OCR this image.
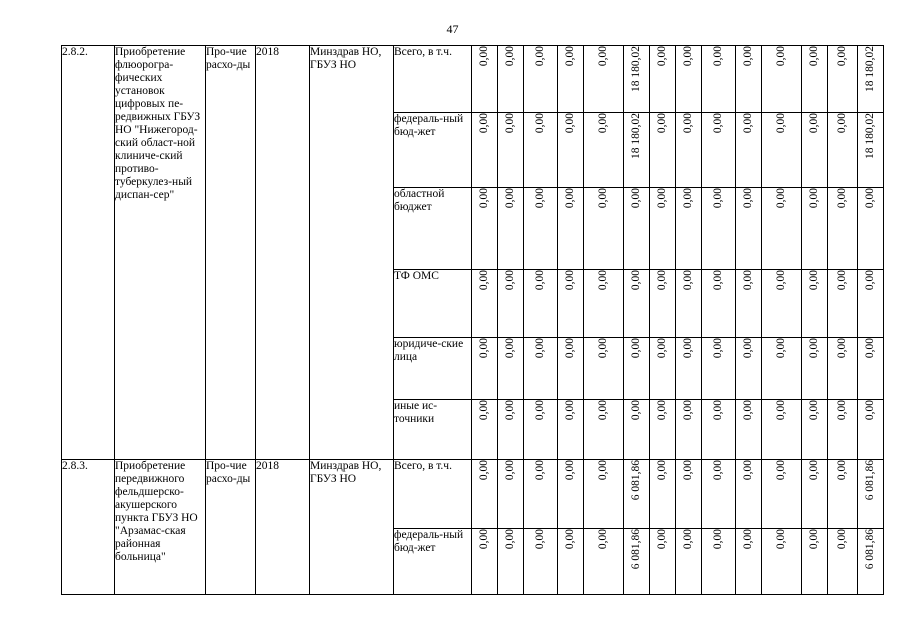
47
2.8.2.	Приобретение флюорогра-фических установок цифровых пе-редвижных ГБУЗ НО "Нижегород-ский област-ной клиниче-ский противо-туберкулез-ный диспан-сер"	Про-чие расхо-ды	2018	Минздрав НО, ГБУЗ НО	Всего, в т.ч.	0,00	0,00	0,00	0,00	0,00	18 180,02	0,00	0,00	0,00	0,00	0,00	0,00	0,00	18 180,02
					федераль-ный бюд-жет	0,00	0,00	0,00	0,00	0,00	18 180,02	0,00	0,00	0,00	0,00	0,00	0,00	0,00	18 180,02
					областной бюджет	0,00	0,00	0,00	0,00	0,00	0,00	0,00	0,00	0,00	0,00	0,00	0,00	0,00	0,00
					ТФ ОМС	0,00	0,00	0,00	0,00	0,00	0,00	0,00	0,00	0,00	0,00	0,00	0,00	0,00	0,00
					юридиче-ские лица	0,00	0,00	0,00	0,00	0,00	0,00	0,00	0,00	0,00	0,00	0,00	0,00	0,00	0,00
					иные ис-точники	0,00	0,00	0,00	0,00	0,00	0,00	0,00	0,00	0,00	0,00	0,00	0,00	0,00	0,00
2.8.3.	Приобретение передвижного фельдшерско-акушерского пункта ГБУЗ НО "Арзамас-ская районная больница"	Про-чие расхо-ды	2018	Минздрав НО, ГБУЗ НО	Всего, в т.ч.	0,00	0,00	0,00	0,00	0,00	6 081,86	0,00	0,00	0,00	0,00	0,00	0,00	0,00	6 081,86
					федераль-ный бюд-жет	0,00	0,00	0,00	0,00	0,00	6 081,86	0,00	0,00	0,00	0,00	0,00	0,00	0,00	6 081,86
